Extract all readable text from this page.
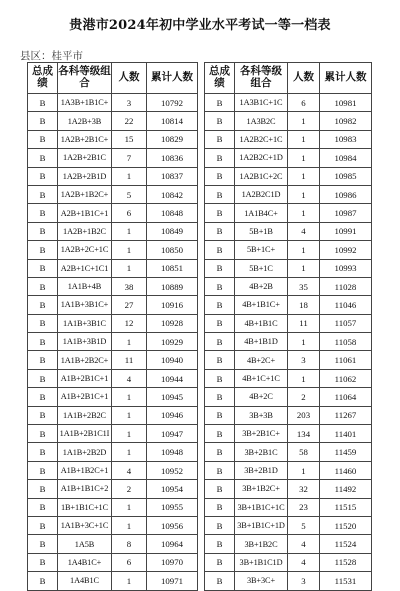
贵港市2024年初中学业水平考试一等一档表
县区：桂平市
总成绩	各科等级组合	人数	累计人数
B	1A3B+1B1C+	3	10792
B	1A2B+3B	22	10814
B	1A2B+2B1C+	15	10829
B	1A2B+2B1C	7	10836
B	1A2B+2B1D	1	10837
B	1A2B+1B2C+	5	10842
B	A2B+1B1C+1	6	10848
B	1A2B+1B2C	1	10849
B	1A2B+2C+1C	1	10850
B	A2B+1C+1C1	1	10851
B	1A1B+4B	38	10889
B	1A1B+3B1C+	27	10916
B	1A1B+3B1C	12	10928
B	1A1B+3B1D	1	10929
B	1A1B+2B2C+	11	10940
B	A1B+2B1C+1	4	10944
B	A1B+2B1C+1	1	10945
B	1A1B+2B2C	1	10946
B	1A1B+2B1C1I	1	10947
B	1A1B+2B2D	1	10948
B	A1B+1B2C+1	4	10952
B	A1B+1B1C+2	2	10954
B	1B+1B1C+1C	1	10955
B	1A1B+3C+1C	1	10956
B	1A5B	8	10964
B	1A4B1C+	6	10970
B	1A4B1C	1	10971
总成绩	各科等级组合	人数	累计人数
B	1A3B1C+1C	6	10981
B	1A3B2C	1	10982
B	1A2B2C+1C	1	10983
B	1A2B2C+1D	1	10984
B	1A2B1C+2C	1	10985
B	1A2B2C1D	1	10986
B	1A1B4C+	1	10987
B	5B+1B	4	10991
B	5B+1C+	1	10992
B	5B+1C	1	10993
B	4B+2B	35	11028
B	4B+1B1C+	18	11046
B	4B+1B1C	11	11057
B	4B+1B1D	1	11058
B	4B+2C+	3	11061
B	4B+1C+1C	1	11062
B	4B+2C	2	11064
B	3B+3B	203	11267
B	3B+2B1C+	134	11401
B	3B+2B1C	58	11459
B	3B+2B1D	1	11460
B	3B+1B2C+	32	11492
B	3B+1B1C+1C	23	11515
B	3B+1B1C+1D	5	11520
B	3B+1B2C	4	11524
B	3B+1B1C1D	4	11528
B	3B+3C+	3	11531
